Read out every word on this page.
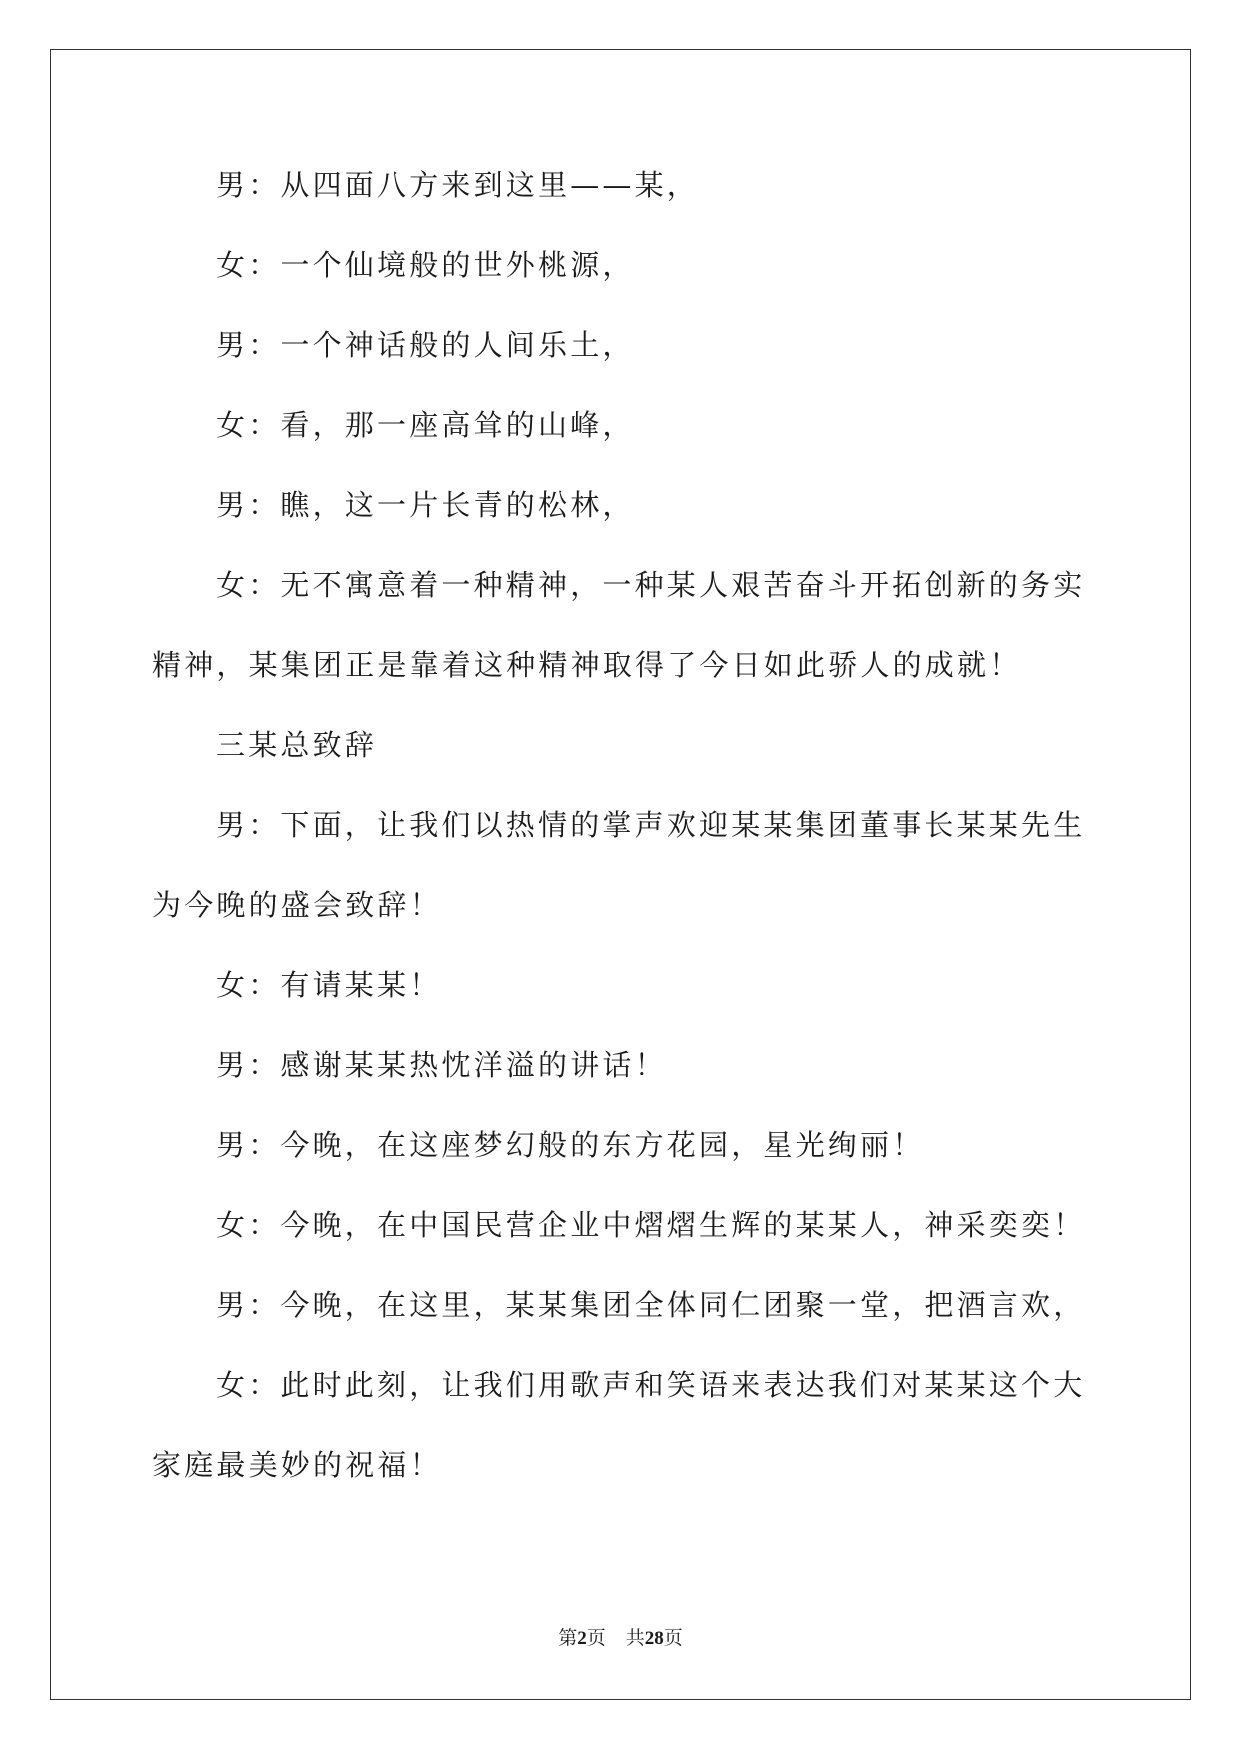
男：从四面八方来到这里——某，

女：一个仙境般的世外桃源，

男：一个神话般的人间乐土，

女：看，那一座高耸的山峰，

男：瞧，这一片长青的松林，

女：无不寓意着一种精神，一种某人艰苦奋斗开拓创新的务实精神，某集团正是靠着这种精神取得了今日如此骄人的成就！

三某总致辞

男：下面，让我们以热情的掌声欢迎某某集团董事长某某先生为今晚的盛会致辞！

女：有请某某！

男：感谢某某热忱洋溢的讲话！

男：今晚，在这座梦幻般的东方花园，星光绚丽！

女：今晚，在中国民营企业中熠熠生辉的某某人，神采奕奕！

男：今晚，在这里，某某集团全体同仁团聚一堂，把酒言欢，

女：此时此刻，让我们用歌声和笑语来表达我们对某某这个大家庭最美妙的祝福！

第2页 共28页
